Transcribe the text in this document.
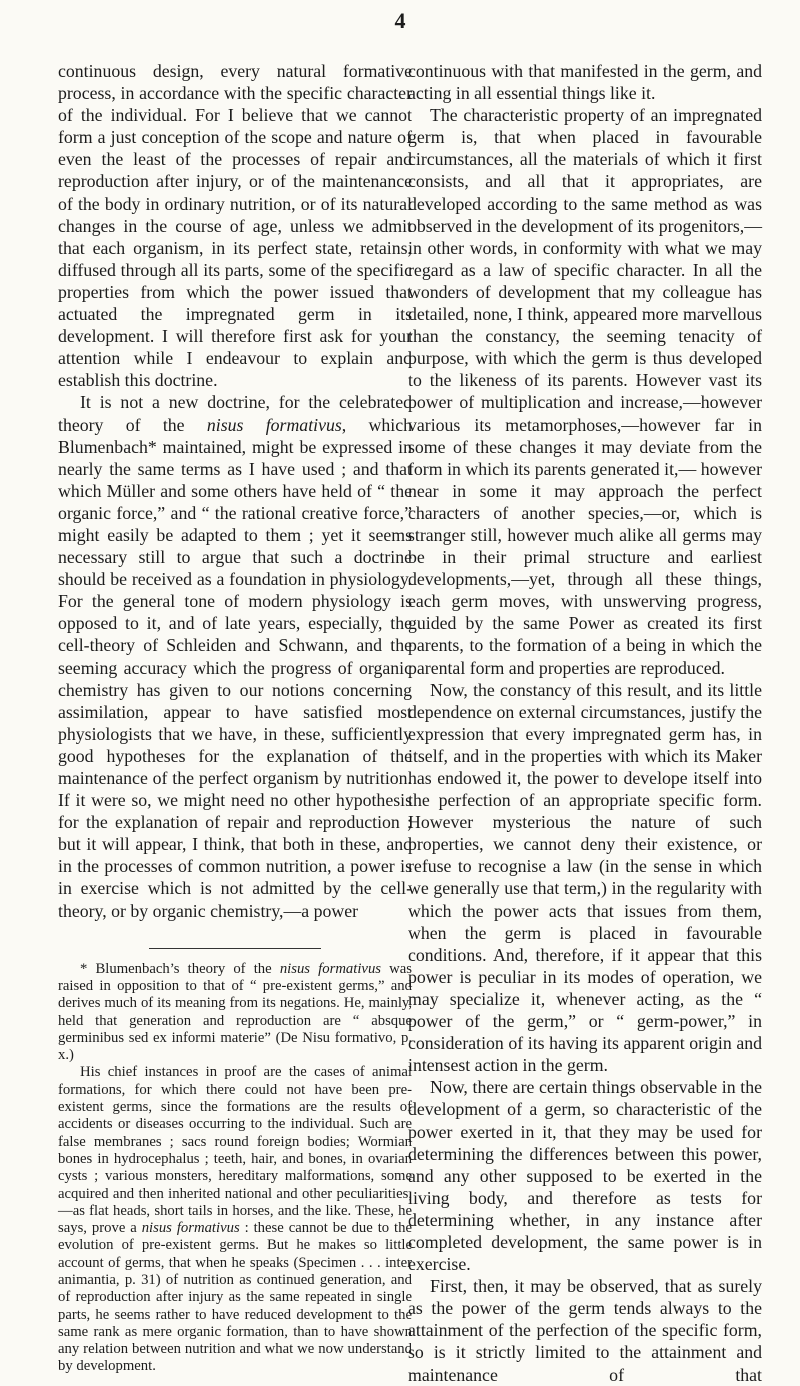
4

continuous design, every natural formative process, in accordance with the specific character of the individual. For I believe that we cannot form a just conception of the scope and nature of even the least of the processes of repair and reproduction after injury, or of the maintenance of the body in ordinary nutrition, or of its natural changes in the course of age, unless we admit that each organism, in its perfect state, retains, diffused through all its parts, some of the specific properties from which the power issued that actuated the impregnated germ in its development. I will therefore first ask for your attention while I endeavour to explain and establish this doctrine.

It is not a new doctrine, for the celebrated theory of the nisus formativus, which Blumenbach* maintained, might be expressed in nearly the same terms as I have used ; and that which Müller and some others have held of “ the organic force,” and “ the rational creative force,” might easily be adapted to them ; yet it seems necessary still to argue that such a doctrine should be received as a foundation in physiology. For the general tone of modern physiology is opposed to it, and of late years, especially, the cell-theory of Schleiden and Schwann, and the seeming accuracy which the progress of organic chemistry has given to our notions concerning assimilation, appear to have satisfied most physiologists that we have, in these, sufficiently good hypotheses for the explanation of the maintenance of the perfect organism by nutrition. If it were so, we might need no other hypothesis for the explanation of repair and reproduction ; but it will appear, I think, that both in these, and in the processes of common nutrition, a power is in exercise which is not admitted by the cell-theory, or by organic chemistry,—a power

* Blumenbach’s theory of the nisus formativus was raised in opposition to that of “ pre-existent germs,” and derives much of its meaning from its negations. He, mainly, held that generation and reproduction are “ absque germinibus sed ex informi materie” (De Nisu formativo, p. x.)

His chief instances in proof are the cases of animal formations, for which there could not have been pre-existent germs, since the formations are the results of accidents or diseases occurring to the individual. Such are false membranes ; sacs round foreign bodies; Wormian bones in hydrocephalus ; teeth, hair, and bones, in ovarian cysts ; various monsters, hereditary malformations, some acquired and then inherited national and other peculiarities,—as flat heads, short tails in horses, and the like. These, he says, prove a nisus formativus : these cannot be due to the evolution of pre-existent germs. But he makes so little account of germs, that when he speaks (Specimen . . . inter animantia, p. 31) of nutrition as continued generation, and of reproduction after injury as the same repeated in single parts, he seems rather to have reduced development to the same rank as mere organic formation, than to have shown any relation between nutrition and what we now understand by development.

continuous with that manifested in the germ, and acting in all essential things like it.

The characteristic property of an impregnated germ is, that when placed in favourable circumstances, all the materials of which it first consists, and all that it appropriates, are developed according to the same method as was observed in the development of its progenitors,—in other words, in conformity with what we may regard as a law of specific character. In all the wonders of development that my colleague has detailed, none, I think, appeared more marvellous than the constancy, the seeming tenacity of purpose, with which the germ is thus developed to the likeness of its parents. However vast its power of multiplication and increase,—however various its metamorphoses,—however far in some of these changes it may deviate from the form in which its parents generated it,— however near in some it may approach the perfect characters of another species,—or, which is stranger still, however much alike all germs may be in their primal structure and earliest developments,—yet, through all these things, each germ moves, with unswerving progress, guided by the same Power as created its first parents, to the formation of a being in which the parental form and properties are reproduced.

Now, the constancy of this result, and its little dependence on external circumstances, justify the expression that every impregnated germ has, in itself, and in the properties with which its Maker has endowed it, the power to develope itself into the perfection of an appropriate specific form. However mysterious the nature of such properties, we cannot deny their existence, or refuse to recognise a law (in the sense in which we generally use that term,) in the regularity with which the power acts that issues from them, when the germ is placed in favourable conditions. And, therefore, if it appear that this power is peculiar in its modes of operation, we may specialize it, whenever acting, as the “ power of the germ,” or “ germ-power,” in consideration of its having its apparent origin and intensest action in the germ.

Now, there are certain things observable in the development of a germ, so characteristic of the power exerted in it, that they may be used for determining the differences between this power, and any other supposed to be exerted in the living body, and therefore as tests for determining whether, in any instance after completed development, the same power is in exercise.

First, then, it may be observed, that as surely as the power of the germ tends always to the attainment of the perfection of the specific form, so is it strictly limited to the attainment and maintenance of that
